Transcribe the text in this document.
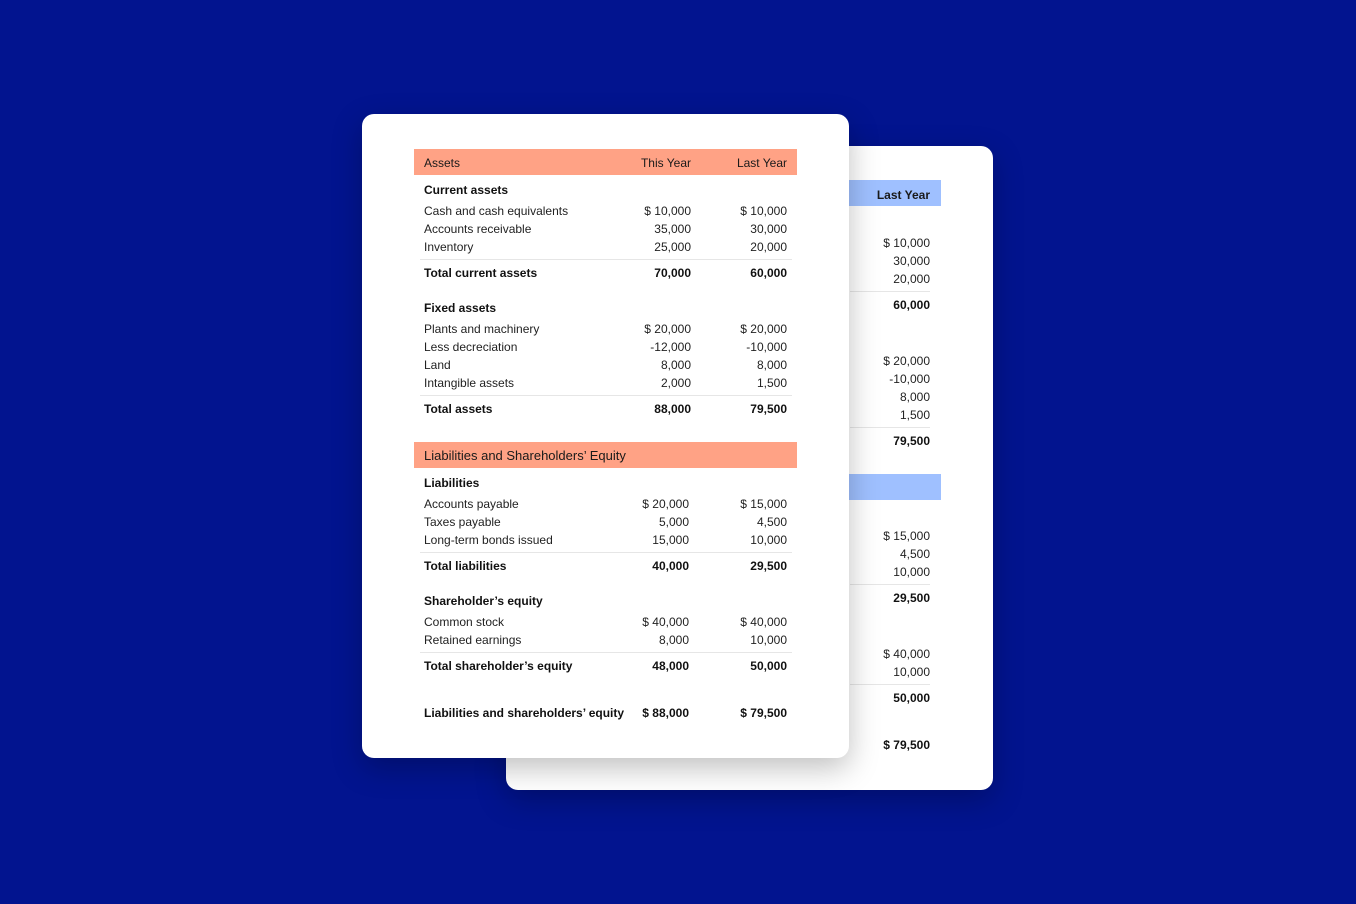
Last Year
$ 10,000
30,000
20,000
60,000
$ 20,000
-10,000
8,000
1,500
79,500
$ 15,000
4,500
10,000
29,500
$ 40,000
10,000
50,000
$ 79,500
Assets	This Year	Last Year
Current assets
Cash and cash equivalents	$ 10,000	$ 10,000
Accounts receivable	35,000	30,000
Inventory	25,000	20,000
Total current assets	70,000	60,000
Fixed assets
Plants and machinery	$ 20,000	$ 20,000
Less decreciation	-12,000	-10,000
Land	8,000	8,000
Intangible assets	2,000	1,500
Total assets	88,000	79,500
Liabilities and Shareholders’ Equity
Liabilities
Accounts payable	$ 20,000	$ 15,000
Taxes payable	5,000	4,500
Long-term bonds issued	15,000	10,000
Total liabilities	40,000	29,500
Shareholder’s equity
Common stock	$ 40,000	$ 40,000
Retained earnings	8,000	10,000
Total shareholder’s equity	48,000	50,000
Liabilities and shareholders’ equity $ 88,000	$ 79,500
